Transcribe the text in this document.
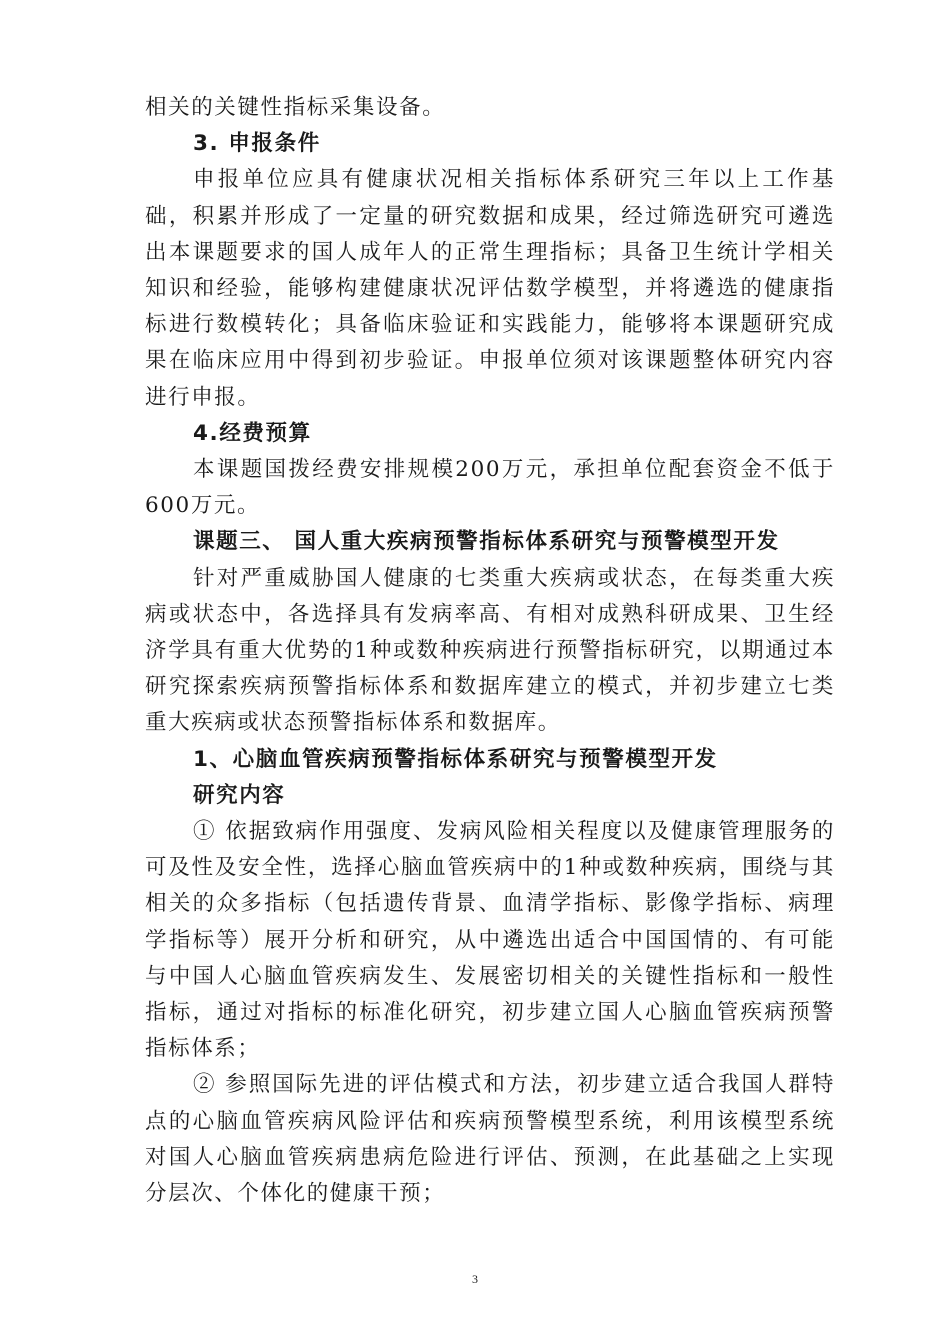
相关的关键性指标采集设备。

3. 申报条件

申报单位应具有健康状况相关指标体系研究三年以上工作基础，积累并形成了一定量的研究数据和成果，经过筛选研究可遴选出本课题要求的国人成年人的正常生理指标；具备卫生统计学相关知识和经验，能够构建健康状况评估数学模型，并将遴选的健康指标进行数模转化；具备临床验证和实践能力，能够将本课题研究成果在临床应用中得到初步验证。申报单位须对该课题整体研究内容进行申报。

4.经费预算

本课题国拨经费安排规模200万元，承担单位配套资金不低于600万元。

课题三、 国人重大疾病预警指标体系研究与预警模型开发

针对严重威胁国人健康的七类重大疾病或状态，在每类重大疾病或状态中，各选择具有发病率高、有相对成熟科研成果、卫生经济学具有重大优势的1种或数种疾病进行预警指标研究，以期通过本研究探索疾病预警指标体系和数据库建立的模式，并初步建立七类重大疾病或状态预警指标体系和数据库。

1、心脑血管疾病预警指标体系研究与预警模型开发

研究内容

① 依据致病作用强度、发病风险相关程度以及健康管理服务的可及性及安全性，选择心脑血管疾病中的1种或数种疾病，围绕与其相关的众多指标（包括遗传背景、血清学指标、影像学指标、病理学指标等）展开分析和研究，从中遴选出适合中国国情的、有可能与中国人心脑血管疾病发生、发展密切相关的关键性指标和一般性指标，通过对指标的标准化研究，初步建立国人心脑血管疾病预警指标体系；

② 参照国际先进的评估模式和方法，初步建立适合我国人群特点的心脑血管疾病风险评估和疾病预警模型系统，利用该模型系统对国人心脑血管疾病患病危险进行评估、预测，在此基础之上实现分层次、个体化的健康干预；

3
